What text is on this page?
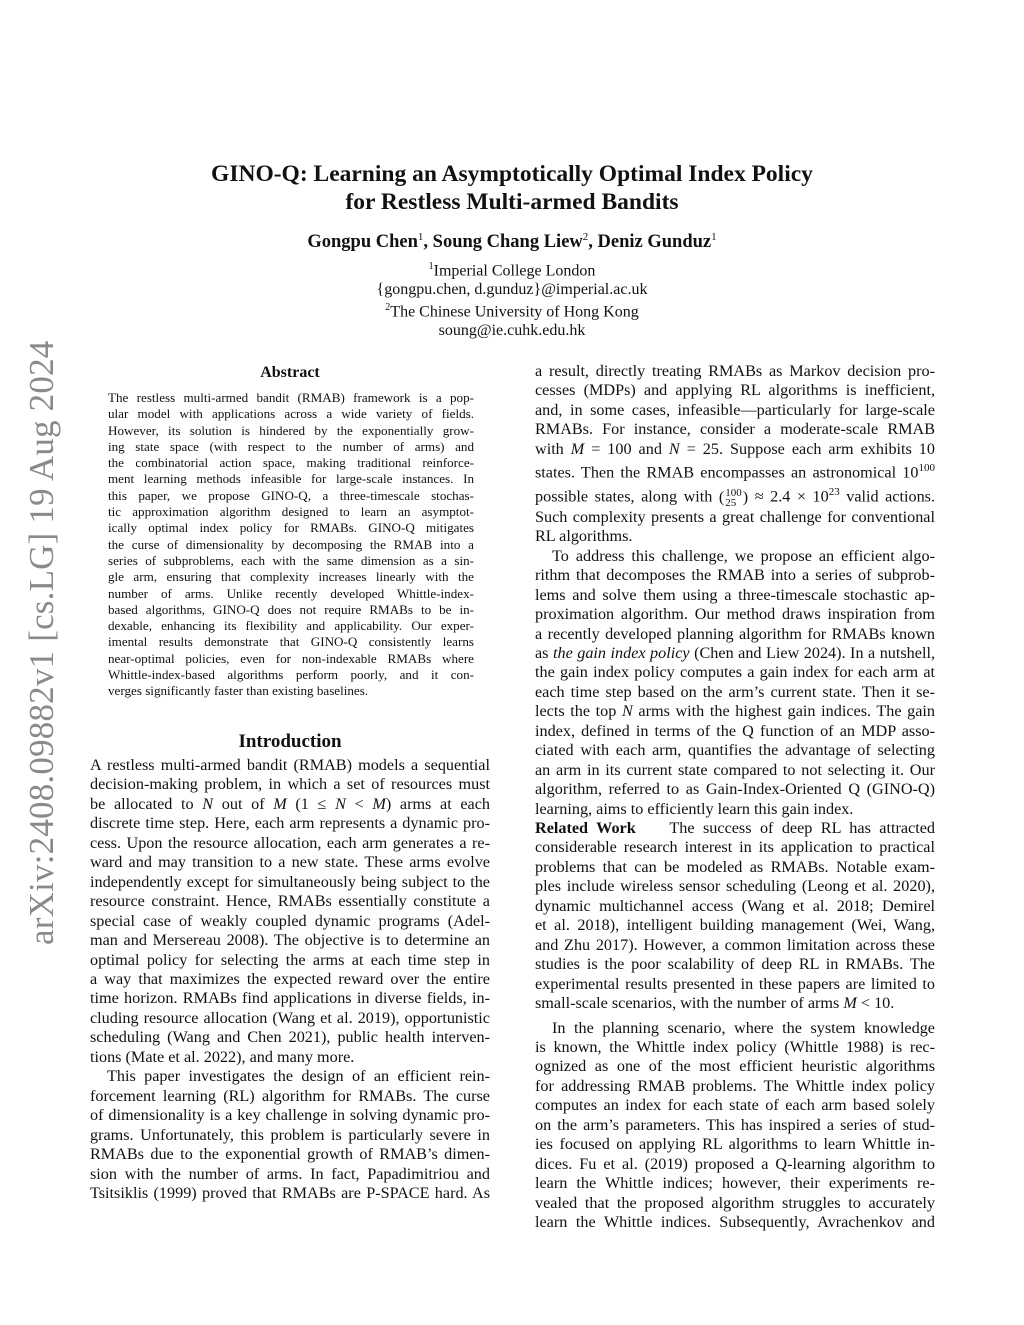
arXiv:2408.09882v1 [cs.LG] 19 Aug 2024
GINO-Q: Learning an Asymptotically Optimal Index Policy
for Restless Multi-armed Bandits
Gongpu Chen$^1$, Soung Chang Liew$^2$, Deniz Gunduz$^1$
$^1$Imperial College London
{gongpu.chen, d.gunduz}@imperial.ac.uk
$^2$The Chinese University of Hong Kong
soung@ie.cuhk.edu.hk
Abstract
The restless multi-armed bandit (RMAB) framework is a pop-
ular model with applications across a wide variety of fields.
However, its solution is hindered by the exponentially grow-
ing state space (with respect to the number of arms) and
the combinatorial action space, making traditional reinforce-
ment learning methods infeasible for large-scale instances. In
this paper, we propose GINO-Q, a three-timescale stochas-
tic approximation algorithm designed to learn an asymptot-
ically optimal index policy for RMABs. GINO-Q mitigates
the curse of dimensionality by decomposing the RMAB into a
series of subproblems, each with the same dimension as a sin-
gle arm, ensuring that complexity increases linearly with the
number of arms. Unlike recently developed Whittle-index-
based algorithms, GINO-Q does not require RMABs to be in-
dexable, enhancing its flexibility and applicability. Our exper-
imental results demonstrate that GINO-Q consistently learns
near-optimal policies, even for non-indexable RMABs where
Whittle-index-based algorithms perform poorly, and it con-
verges significantly faster than existing baselines.
Introduction
A restless multi-armed bandit (RMAB) models a sequential
decision-making problem, in which a set of resources must
be allocated to N out of M (1 ≤ N < M) arms at each
discrete time step. Here, each arm represents a dynamic pro-
cess. Upon the resource allocation, each arm generates a re-
ward and may transition to a new state. These arms evolve
independently except for simultaneously being subject to the
resource constraint. Hence, RMABs essentially constitute a
special case of weakly coupled dynamic programs (Adel-
man and Mersereau 2008). The objective is to determine an
optimal policy for selecting the arms at each time step in
a way that maximizes the expected reward over the entire
time horizon. RMABs find applications in diverse fields, in-
cluding resource allocation (Wang et al. 2019), opportunistic
scheduling (Wang and Chen 2021), public health interven-
tions (Mate et al. 2022), and many more.
This paper investigates the design of an efficient rein-
forcement learning (RL) algorithm for RMABs. The curse
of dimensionality is a key challenge in solving dynamic pro-
grams. Unfortunately, this problem is particularly severe in
RMABs due to the exponential growth of RMAB’s dimen-
sion with the number of arms. In fact, Papadimitriou and
Tsitsiklis (1999) proved that RMABs are P-SPACE hard. As
a result, directly treating RMABs as Markov decision pro-
cesses (MDPs) and applying RL algorithms is inefficient,
and, in some cases, infeasible—particularly for large-scale
RMABs. For instance, consider a moderate-scale RMAB
with M = 100 and N = 25. Suppose each arm exhibits 10
states. Then the RMAB encompasses an astronomical $10^{100}$
possible states, along with (100
25 ) ≈ $2.4 \times 10^{23}$ valid actions.
Such complexity presents a great challenge for conventional
RL algorithms.
To address this challenge, we propose an efficient algo-
rithm that decomposes the RMAB into a series of subprob-
lems and solve them using a three-timescale stochastic ap-
proximation algorithm. Our method draws inspiration from
a recently developed planning algorithm for RMABs known
as the gain index policy (Chen and Liew 2024). In a nutshell,
the gain index policy computes a gain index for each arm at
each time step based on the arm’s current state. Then it se-
lects the top N arms with the highest gain indices. The gain
index, defined in terms of the Q function of an MDP asso-
ciated with each arm, quantifies the advantage of selecting
an arm in its current state compared to not selecting it. Our
algorithm, referred to as Gain-Index-Oriented Q (GINO-Q)
learning, aims to efficiently learn this gain index.
Related Work The success of deep RL has attracted
considerable research interest in its application to practical
problems that can be modeled as RMABs. Notable exam-
ples include wireless sensor scheduling (Leong et al. 2020),
dynamic multichannel access (Wang et al. 2018; Demirel
et al. 2018), intelligent building management (Wei, Wang,
and Zhu 2017). However, a common limitation across these
studies is the poor scalability of deep RL in RMABs. The
experimental results presented in these papers are limited to
small-scale scenarios, with the number of arms M < 10.
In the planning scenario, where the system knowledge
is known, the Whittle index policy (Whittle 1988) is rec-
ognized as one of the most efficient heuristic algorithms
for addressing RMAB problems. The Whittle index policy
computes an index for each state of each arm based solely
on the arm’s parameters. This has inspired a series of stud-
ies focused on applying RL algorithms to learn Whittle in-
dices. Fu et al. (2019) proposed a Q-learning algorithm to
learn the Whittle indices; however, their experiments re-
vealed that the proposed algorithm struggles to accurately
learn the Whittle indices. Subsequently, Avrachenkov and
